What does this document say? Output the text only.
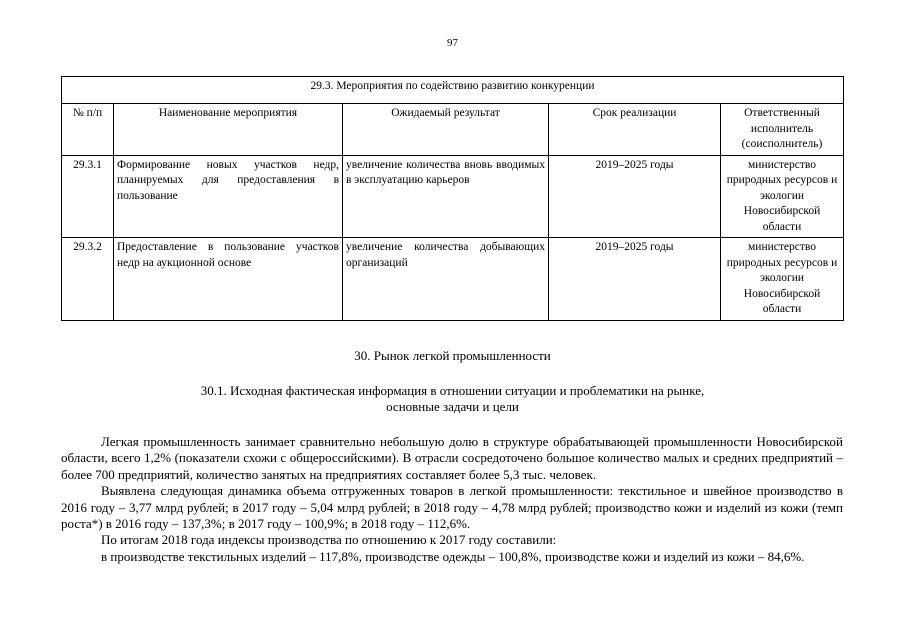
97
29.3. Мероприятия по содействию развитию конкуренции				
№ п/п	Наименование мероприятия	Ожидаемый результат	Срок реализации	Ответственный исполнитель (соисполнитель)
29.3.1	Формирование новых участков недр, планируемых для предоставления в пользование	увеличение количества вновь вводимых в эксплуатацию карьеров	2019–2025 годы	министерство природных ресурсов и экологии Новосибирской области
29.3.2	Предоставление в пользование участков недр на аукционной основе	увеличение количества добывающих организаций	2019–2025 годы	министерство природных ресурсов и экологии Новосибирской области
30. Рынок легкой промышленности
30.1. Исходная фактическая информация в отношении ситуации и проблематики на рынке,
основные задачи и цели

Легкая промышленность занимает сравнительно небольшую долю в структуре обрабатывающей промышленности Новосибирской области, всего 1,2% (показатели схожи с общероссийскими). В отрасли сосредоточено большое количество малых и средних предприятий – более 700 предприятий, количество занятых на предприятиях составляет более 5,3 тыс. человек.

Выявлена следующая динамика объема отгруженных товаров в легкой промышленности: текстильное и швейное производство в 2016 году – 3,77 млрд рублей; в 2017 году – 5,04 млрд рублей; в 2018 году – 4,78 млрд рублей; производство кожи и изделий из кожи (темп роста*) в 2016 году – 137,3%; в 2017 году – 100,9%; в 2018 году – 112,6%.

По итогам 2018 года индексы производства по отношению к 2017 году составили:

в производстве текстильных изделий – 117,8%, производстве одежды – 100,8%, производстве кожи и изделий из кожи – 84,6%.
